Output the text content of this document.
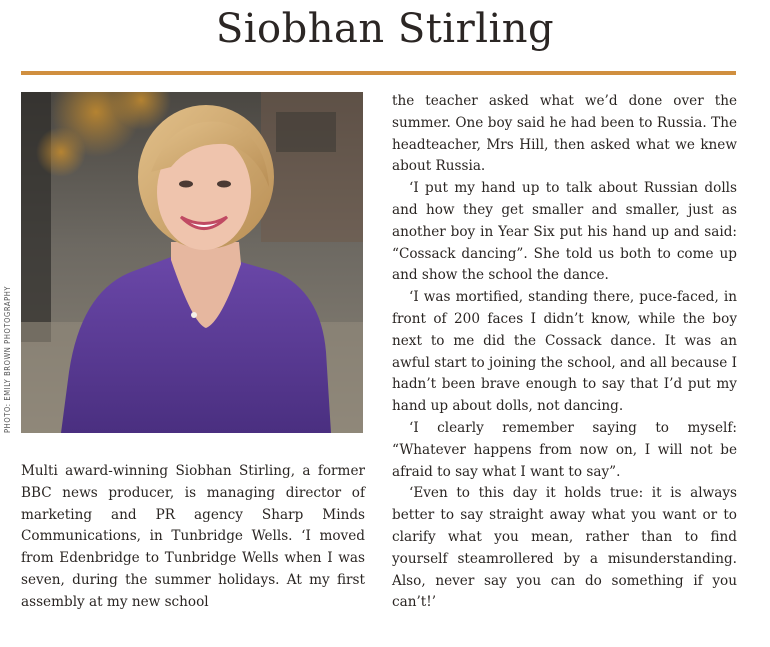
Siobhan Stirling
PHOTO: EMILY BROWN PHOTOGRAPHY

Multi award-winning Siobhan Stirling, a former BBC news producer, is managing director of marketing and PR agency Sharp Minds Communications, in Tunbridge Wells. ‘I moved from Edenbridge to Tunbridge Wells when I was seven, during the summer holidays. At my first assembly at my new school

the teacher asked what we’d done over the summer. One boy said he had been to Russia. The headteacher, Mrs Hill, then asked what we knew about Russia.

‘I put my hand up to talk about Russian dolls and how they get smaller and smaller, just as another boy in Year Six put his hand up and said: “Cossack dancing”. She told us both to come up and show the school the dance.

‘I was mortified, standing there, puce-faced, in front of 200 faces I didn’t know, while the boy next to me did the Cossack dance. It was an awful start to joining the school, and all because I hadn’t been brave enough to say that I’d put my hand up about dolls, not dancing.

‘I clearly remember saying to myself: “Whatever happens from now on, I will not be afraid to say what I want to say”.

‘Even to this day it holds true: it is always better to say straight away what you want or to clarify what you mean, rather than to find yourself steamrollered by a misunderstanding. Also, never say you can do something if you can’t!’
